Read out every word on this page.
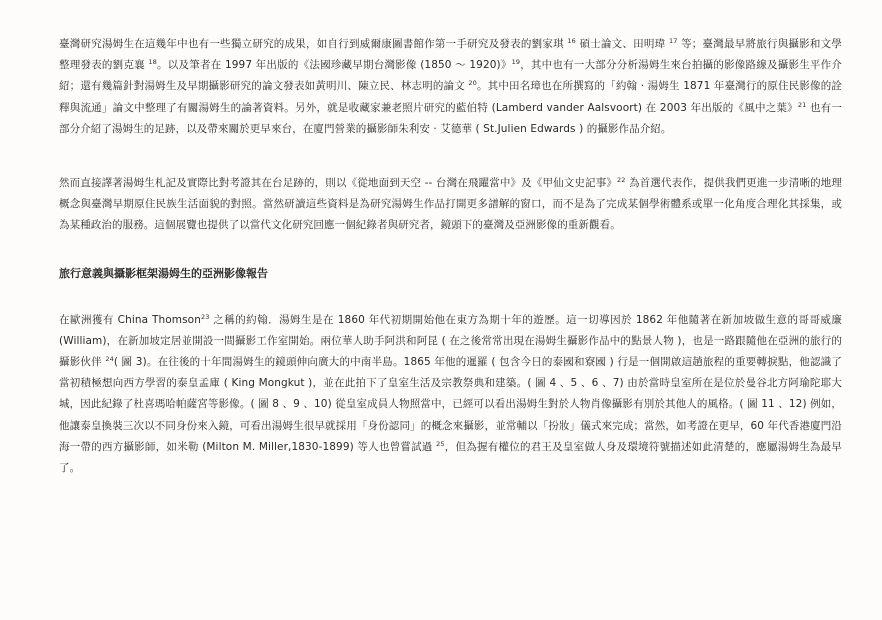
臺灣研究湯姆生在這幾年中也有一些獨立研究的成果，如自行到威爾康圖書館作第一手研究及發表的劉家琪 $^{16}$ 碩士論文、田明瑋 $^{17}$ 等；臺灣最早將旅行與攝影和文學整理發表的劉克襄 $^{18}$。以及筆者在 1997 年出版的《法國珍藏早期台灣影像 (1850 ～ 1920)》$^{19}$，其中也有一大部分分析湯姆生來台拍攝的影像路線及攝影生平作介紹；還有幾篇針對湯姆生及早期攝影研究的論文發表如黃明川、陳立民、林志明的論文 $^{20}$。其中田名璋也在所撰寫的「約翰 ‧ 湯姆生 1871 年臺灣行的原住民影像的詮釋與流通」論文中整理了有關湯姆生的論著資料。另外，就是收藏家兼老照片研究的藍伯特 (Lamberd vander Aalsvoort) 在 2003 年出版的《風中之葉》$^{21}$ 也有一部分介紹了湯姆生的足跡，以及帶來關於更早來台，在廈門營業的攝影師朱利安 ‧ 艾德華 ( St.Julien Edwards ) 的攝影作品介紹。

然而直接譯著湯姆生札記及實際比對考證其在台足跡的，則以《從地面到天空 -- 台灣在飛躍當中》及《甲仙文史記事》$^{22}$ 為首選代表作，提供我們更進一步清晰的地理概念與臺灣早期原住民族生活面貌的對照。當然研讀這些資料是為研究湯姆生作品打開更多譜解的窗口，而不是為了完成某個學術體系或單一化角度合理化其採集，或為某種政治的服務。這個展覽也提供了以當代文化研究回應一個紀錄者與研究者，鏡頭下的臺灣及亞洲影像的重新觀看。

旅行意義與攝影框架湯姆生的亞洲影像報告

在歐洲獲有 China Thomson$^{23}$ 之稱的約翰．湯姆生是在 1860 年代初期開始他在東方為期十年的遊歷。這一切導因於 1862 年他隨著在新加坡做生意的哥哥威廉 (William)，在新加坡定居並開設一間攝影工作室開始。兩位華人助手阿洪和阿昆 ( 在之後常常出現在湯姆生攝影作品中的點景人物 )，也是一路跟隨他在亞洲的旅行的攝影伙伴 $^{24}$( 圖 3)。在往後的十年間湯姆生的鏡頭伸向廣大的中南半島。1865 年他的暹羅 ( 包含今日的泰國和寮國 ) 行是一個開啟這趟旅程的重要轉捩點，他認識了當初積極想向西方學習的泰皇孟庫 ( King Mongkut )，並在此拍下了皇室生活及宗教祭典和建築。( 圖 4 、5 、6 、7) 由於當時皇室所在是位於曼谷北方阿瑜陀耶大城，因此紀錄了杜喜瑪哈帕薩宮等影像。( 圖 8 、9 、10) 從皇室成員人物照當中，已經可以看出湯姆生對於人物肖像攝影有別於其他人的風格。( 圖 11 、12) 例如，他讓泰皇換裝三次以不同身份來入鏡，可看出湯姆生很早就採用「身份認同」的概念來攝影，並常輔以「扮妝」儀式來完成；當然，如考證在更早，60 年代香港廈門沿海一帶的西方攝影師，如米勒 (Milton M. Miller,1830-1899) 等人也曾嘗試過 $^{25}$，但為握有權位的君王及皇室做人身及環境符號描述如此清楚的，應屬湯姆生為最早了。
